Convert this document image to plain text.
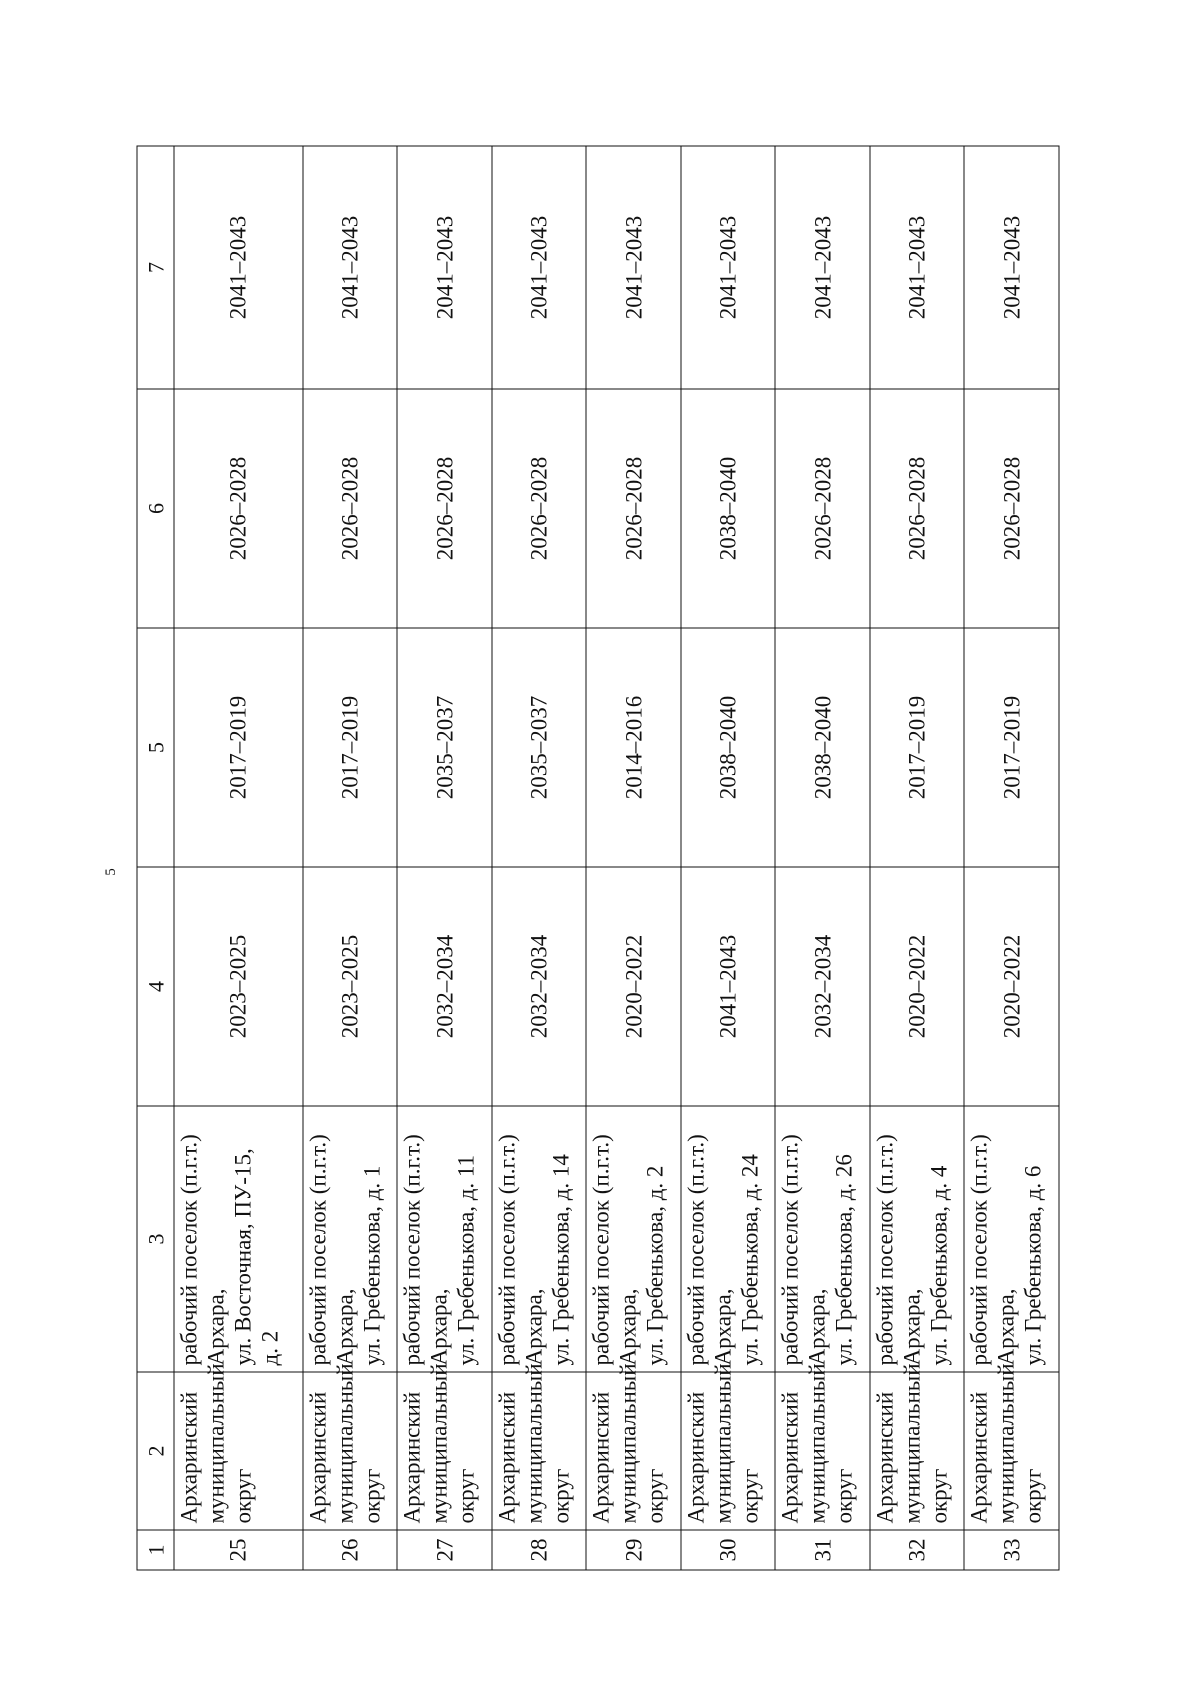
5
1	2	3	4	5	6	7
25	Архаринский муниципальный округ	рабочий поселок (п.г.т.) Архара, ул. Восточная, ПУ-15, д. 2	2023–2025	2017–2019	2026–2028	2041–2043
26	Архаринский муниципальный округ	рабочий поселок (п.г.т.) Архара, ул. Гребенькова, д. 1	2023–2025	2017–2019	2026–2028	2041–2043
27	Архаринский муниципальный округ	рабочий поселок (п.г.т.) Архара, ул. Гребенькова, д. 11	2032–2034	2035–2037	2026–2028	2041–2043
28	Архаринский муниципальный округ	рабочий поселок (п.г.т.) Архара, ул. Гребенькова, д. 14	2032–2034	2035–2037	2026–2028	2041–2043
29	Архаринский муниципальный округ	рабочий поселок (п.г.т.) Архара, ул. Гребенькова, д. 2	2020–2022	2014–2016	2026–2028	2041–2043
30	Архаринский муниципальный округ	рабочий поселок (п.г.т.) Архара, ул. Гребенькова, д. 24	2041–2043	2038–2040	2038–2040	2041–2043
31	Архаринский муниципальный округ	рабочий поселок (п.г.т.) Архара, ул. Гребенькова, д. 26	2032–2034	2038–2040	2026–2028	2041–2043
32	Архаринский муниципальный округ	рабочий поселок (п.г.т.) Архара, ул. Гребенькова, д. 4	2020–2022	2017–2019	2026–2028	2041–2043
33	Архаринский муниципальный округ	рабочий поселок (п.г.т.) Архара, ул. Гребенькова, д. 6	2020–2022	2017–2019	2026–2028	2041–2043
